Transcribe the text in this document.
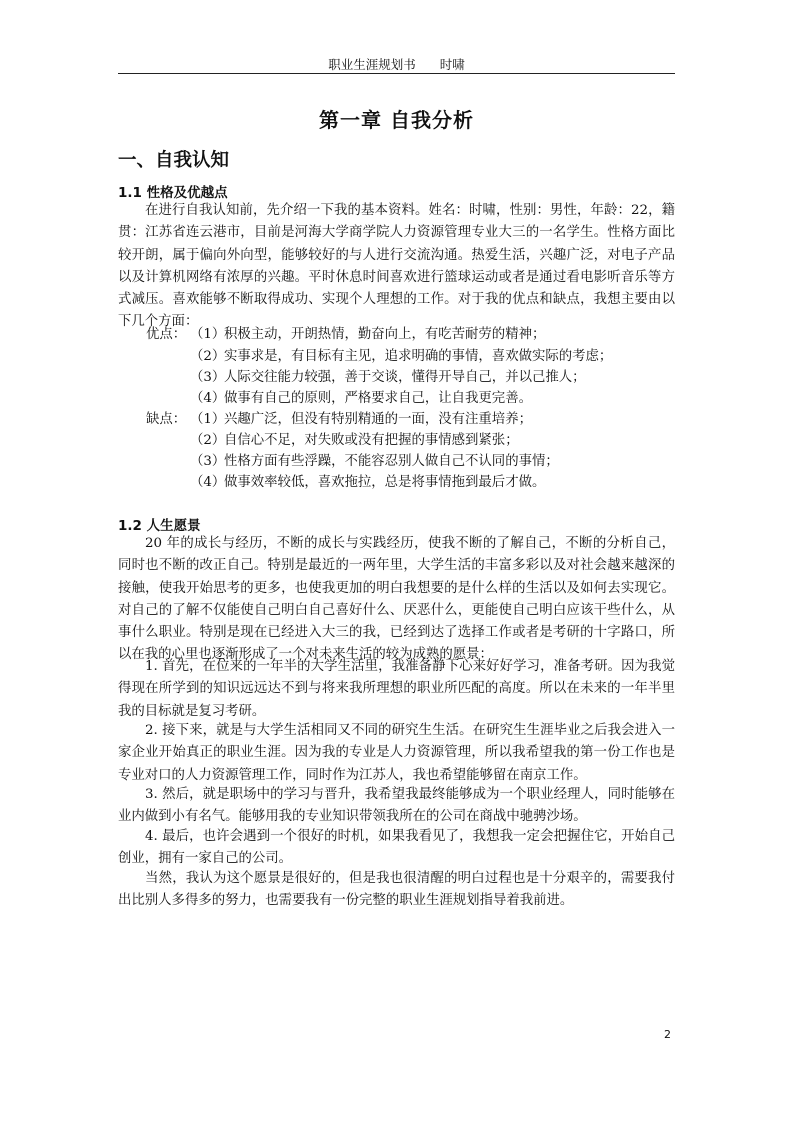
职业生涯规划书 时啸
第一章 自我分析
一、自我认知
1.1 性格及优越点

在进行自我认知前，先介绍一下我的基本资料。姓名：时啸，性别：男性，年龄：22，籍贯：江苏省连云港市，目前是河海大学商学院人力资源管理专业大三的一名学生。性格方面比较开朗，属于偏向外向型，能够较好的与人进行交流沟通。热爱生活，兴趣广泛，对电子产品以及计算机网络有浓厚的兴趣。平时休息时间喜欢进行篮球运动或者是通过看电影听音乐等方式减压。喜欢能够不断取得成功、实现个人理想的工作。对于我的优点和缺点，我想主要由以下几个方面：

优点： （1）积极主动，开朗热情，勤奋向上，有吃苦耐劳的精神；
（2）实事求是，有目标有主见，追求明确的事情，喜欢做实际的考虑；
（3）人际交往能力较强，善于交谈，懂得开导自己，并以己推人；
（4）做事有自己的原则，严格要求自己，让自我更完善。
缺点： （1）兴趣广泛，但没有特别精通的一面，没有注重培养；
（2）自信心不足，对失败或没有把握的事情感到紧张；
（3）性格方面有些浮躁，不能容忍别人做自己不认同的事情；
（4）做事效率较低，喜欢拖拉，总是将事情拖到最后才做。
1.2 人生愿景

20 年的成长与经历，不断的成长与实践经历，使我不断的了解自己，不断的分析自己，同时也不断的改正自己。特别是最近的一两年里，大学生活的丰富多彩以及对社会越来越深的接触，使我开始思考的更多，也使我更加的明白我想要的是什么样的生活以及如何去实现它。对自己的了解不仅能使自己明白自己喜好什么、厌恶什么，更能使自己明白应该干些什么，从事什么职业。特别是现在已经进入大三的我，已经到达了选择工作或者是考研的十字路口，所以在我的心里也逐渐形成了一个对未来生活的较为成熟的愿景：

1. 首先，在位来的一年半的大学生活里，我准备静下心来好好学习，准备考研。因为我觉得现在所学到的知识远远达不到与将来我所理想的职业所匹配的高度。所以在未来的一年半里我的目标就是复习考研。

2. 接下来，就是与大学生活相同又不同的研究生生活。在研究生生涯毕业之后我会进入一家企业开始真正的职业生涯。因为我的专业是人力资源管理，所以我希望我的第一份工作也是专业对口的人力资源管理工作，同时作为江苏人，我也希望能够留在南京工作。

3. 然后，就是职场中的学习与晋升，我希望我最终能够成为一个职业经理人，同时能够在业内做到小有名气。能够用我的专业知识带领我所在的公司在商战中驰骋沙场。

4. 最后，也许会遇到一个很好的时机，如果我看见了，我想我一定会把握住它，开始自己创业，拥有一家自己的公司。

当然，我认为这个愿景是很好的，但是我也很清醒的明白过程也是十分艰辛的，需要我付出比别人多得多的努力，也需要我有一份完整的职业生涯规划指导着我前进。

2
